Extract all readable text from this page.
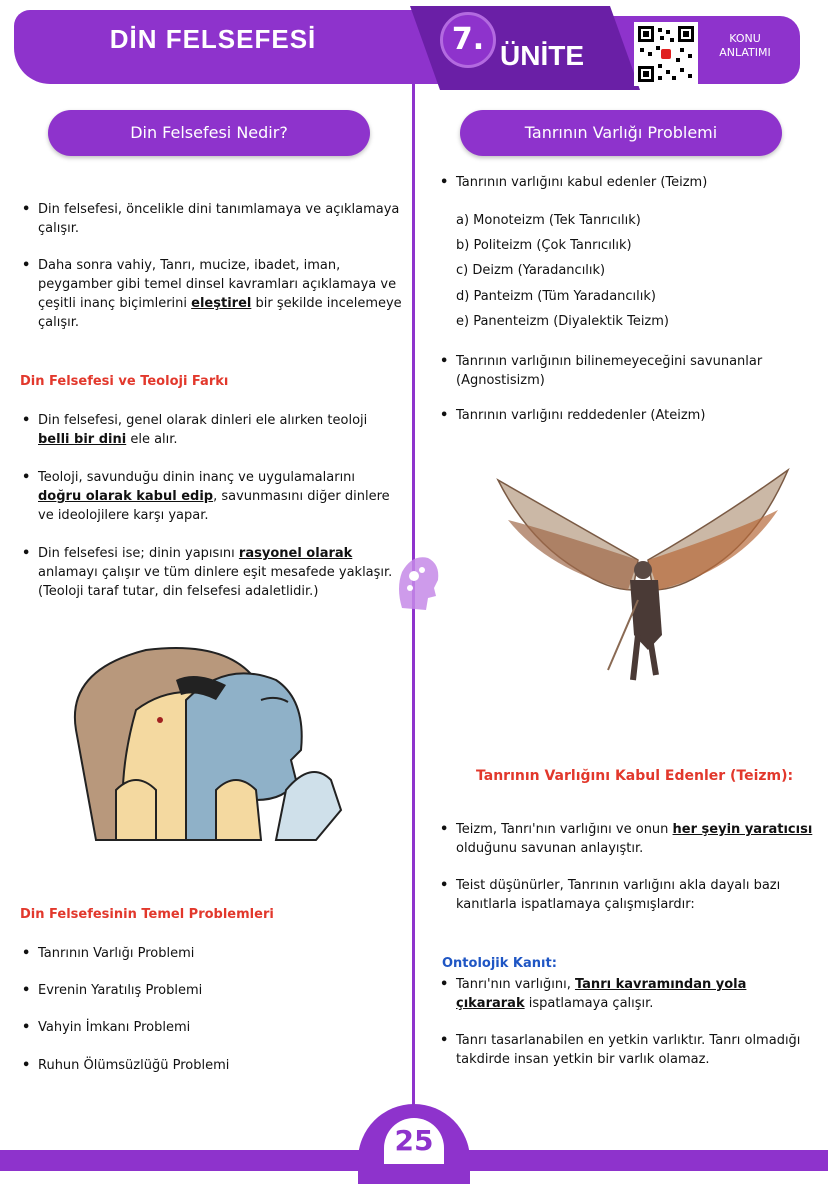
DİN FELSEFESİ	7. ÜNİTE
KONU
ANLATIMI
Din Felsefesi Nedir?
• Din felsefesi, öncelikle dini tanımlamaya ve açıklamaya çalışır.
• Daha sonra vahiy, Tanrı, mucize, ibadet, iman, peygamber gibi temel dinsel kavramları açıklamaya ve çeşitli inanç biçimlerini eleştirel bir şekilde incelemeye çalışır.
Din Felsefesi ve Teoloji Farkı
• Din felsefesi, genel olarak dinleri ele alırken teoloji belli bir dini ele alır.
• Teoloji, savunduğu dinin inanç ve uygulamalarını doğru olarak kabul edip, savunmasını diğer dinlere ve ideolojilere karşı yapar.
• Din felsefesi ise; dinin yapısını rasyonel olarak anlamayı çalışır ve tüm dinlere eşit mesafede yaklaşır. (Teoloji taraf tutar, din felsefesi adaletlidir.)
Din Felsefesinin Temel Problemleri
• Tanrının Varlığı Problemi
• Evrenin Yaratılış Problemi
• Vahyin İmkanı Problemi
• Ruhun Ölümsüzlüğü Problemi
Tanrının Varlığı Problemi
• Tanrının varlığını kabul edenler (Teizm)
a) Monoteizm (Tek Tanrıcılık)
b) Politeizm (Çok Tanrıcılık)
c) Deizm (Yaradancılık)
d) Panteizm (Tüm Yaradancılık)
e) Panenteizm (Diyalektik Teizm)
• Tanrının varlığının bilinemeyeceğini savunanlar (Agnostisizm)
• Tanrının varlığını reddedenler (Ateizm)
Tanrının Varlığını Kabul Edenler (Teizm):
• Teizm, Tanrı'nın varlığını ve onun her şeyin yaratıcısı olduğunu savunan anlayıştır.
• Teist düşünürler, Tanrının varlığını akla dayalı bazı kanıtlarla ispatlamaya çalışmışlardır:
Ontolojik Kanıt:
• Tanrı'nın varlığını, Tanrı kavramından yola çıkararak ispatlamaya çalışır.
• Tanrı tasarlanabilen en yetkin varlıktır. Tanrı olmadığı takdirde insan yetkin bir varlık olamaz.
25
